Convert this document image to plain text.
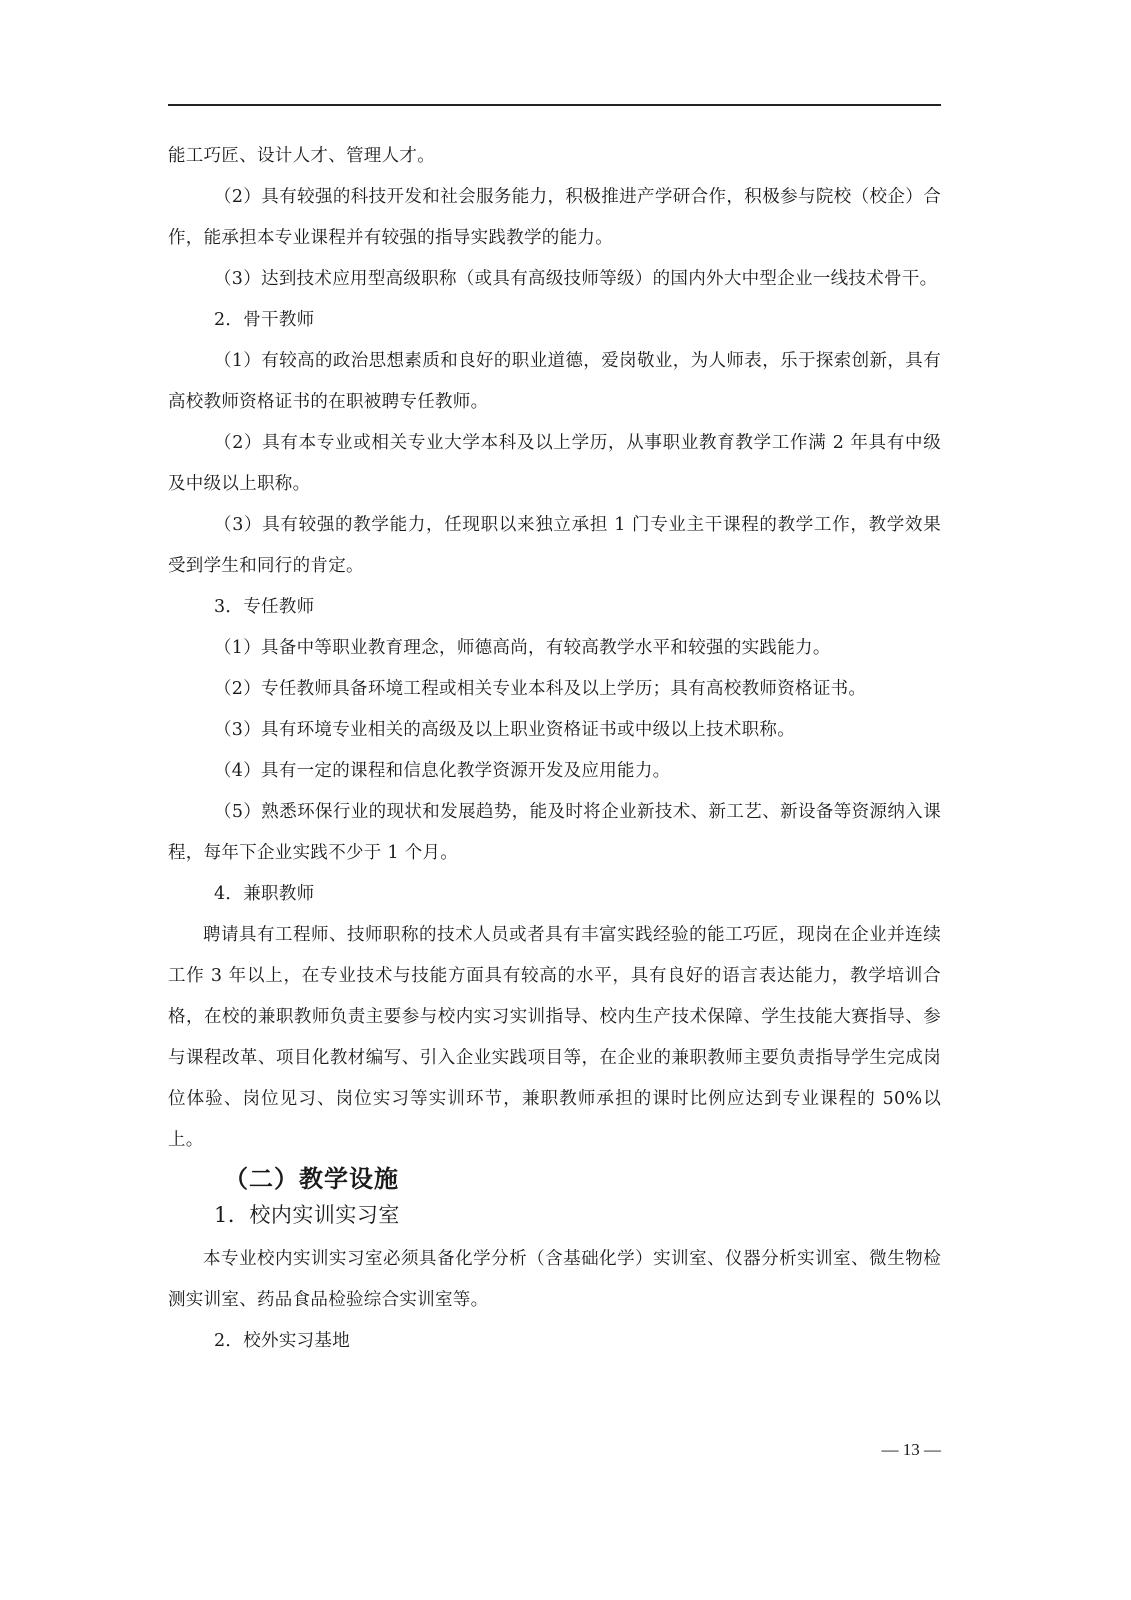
能工巧匠、设计人才、管理人才。

（2）具有较强的科技开发和社会服务能力，积极推进产学研合作，积极参与院校（校企）合作，能承担本专业课程并有较强的指导实践教学的能力。

（3）达到技术应用型高级职称（或具有高级技师等级）的国内外大中型企业一线技术骨干。

2．骨干教师

（1）有较高的政治思想素质和良好的职业道德，爱岗敬业，为人师表，乐于探索创新，具有高校教师资格证书的在职被聘专任教师。

（2）具有本专业或相关专业大学本科及以上学历，从事职业教育教学工作满 2 年具有中级及中级以上职称。

（3）具有较强的教学能力，任现职以来独立承担 1 门专业主干课程的教学工作，教学效果受到学生和同行的肯定。

3．专任教师

（1）具备中等职业教育理念，师德高尚，有较高教学水平和较强的实践能力。

（2）专任教师具备环境工程或相关专业本科及以上学历；具有高校教师资格证书。

（3）具有环境专业相关的高级及以上职业资格证书或中级以上技术职称。

（4）具有一定的课程和信息化教学资源开发及应用能力。

（5）熟悉环保行业的现状和发展趋势，能及时将企业新技术、新工艺、新设备等资源纳入课程，每年下企业实践不少于 1 个月。

4．兼职教师

聘请具有工程师、技师职称的技术人员或者具有丰富实践经验的能工巧匠，现岗在企业并连续工作 3 年以上，在专业技术与技能方面具有较高的水平，具有良好的语言表达能力，教学培训合格，在校的兼职教师负责主要参与校内实习实训指导、校内生产技术保障、学生技能大赛指导、参与课程改革、项目化教材编写、引入企业实践项目等，在企业的兼职教师主要负责指导学生完成岗位体验、岗位见习、岗位实习等实训环节，兼职教师承担的课时比例应达到专业课程的 50%以上。

（二）教学设施
1．校内实训实习室

本专业校内实训实习室必须具备化学分析（含基础化学）实训室、仪器分析实训室、微生物检测实训室、药品食品检验综合实训室等。

2．校外实习基地

— 13 —
